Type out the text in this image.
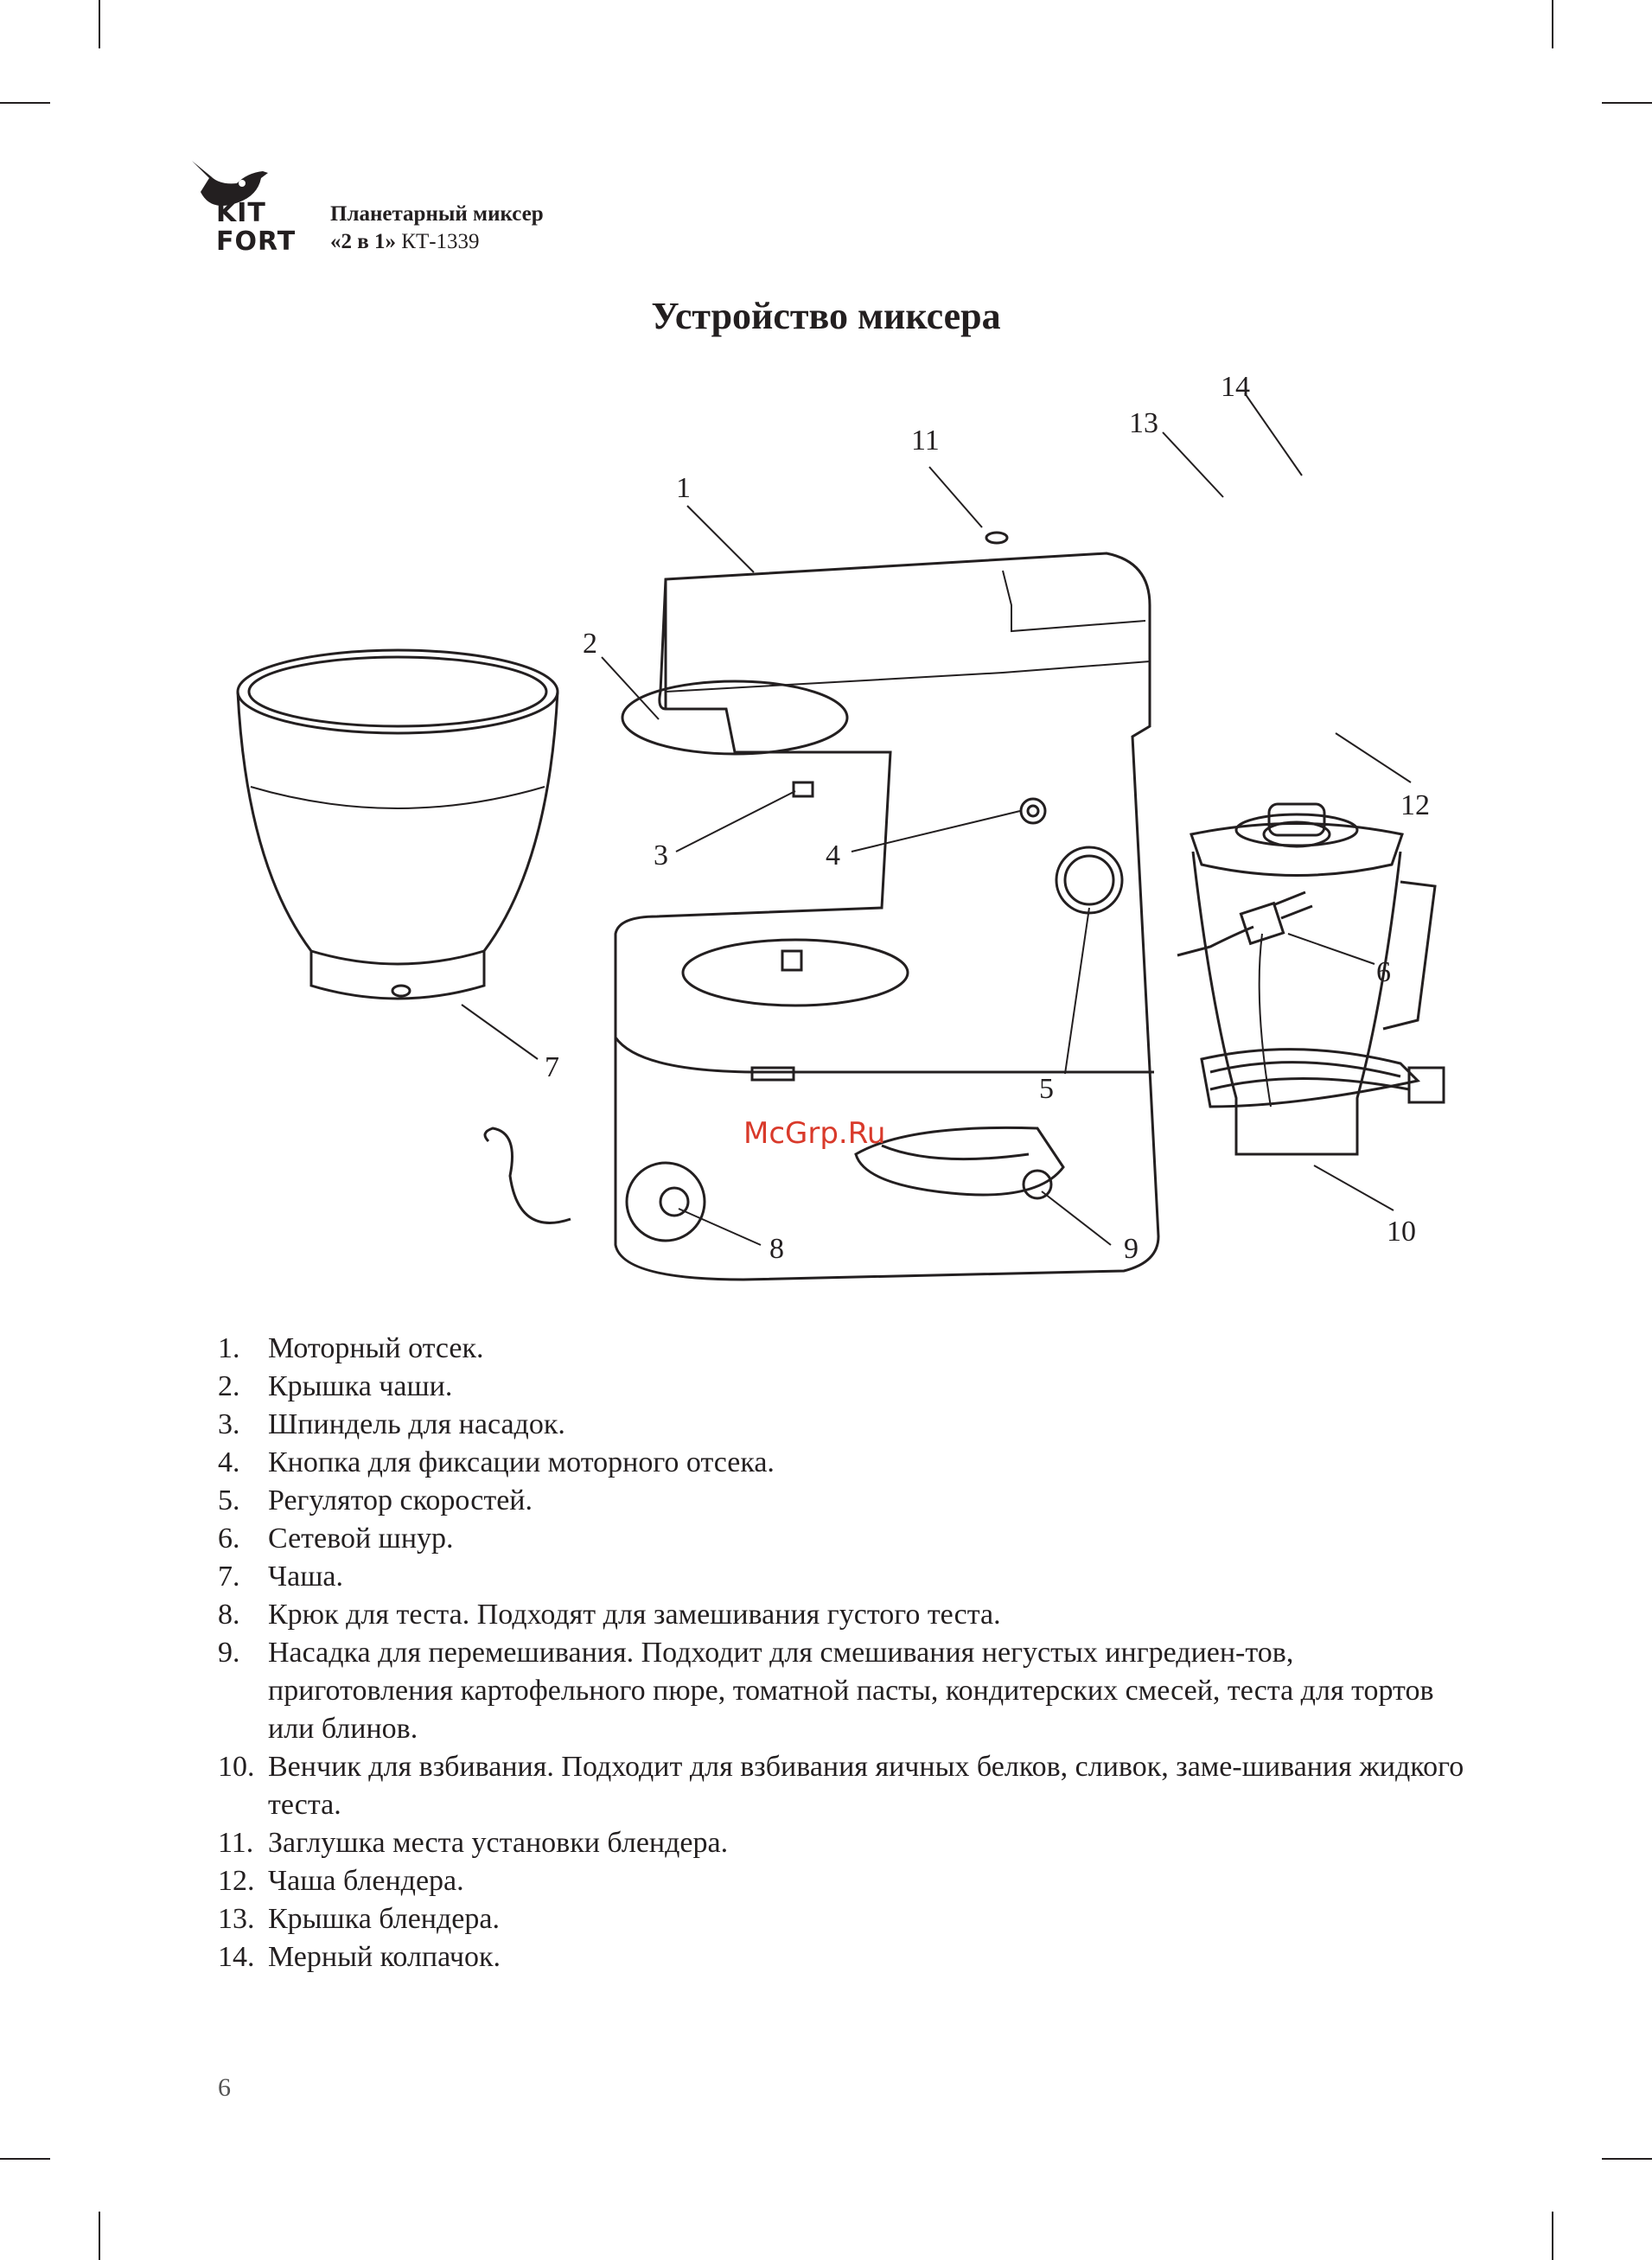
KIT
FORT
Планетарный миксер
«2 в 1» КТ-1339
Устройство миксера
1
2
3	4
5
6
7
8	9
10
11
12
13
14
McGrp.Ru
1. Моторный отсек.
2. Крышка чаши.
3. Шпиндель для насадок.
4. Кнопка для фиксации моторного отсека.
5. Регулятор скоростей.
6. Сетевой шнур.
7. Чаша.
8. Крюк для теста. Подходят для замешивания густого теста.
9. Насадка для перемешивания. Подходит для смешивания негустых ингредиен-тов, приготовления картофельного пюре, томатной пасты, кондитерских смесей, теста для тортов или блинов.
10. Венчик для взбивания. Подходит для взбивания яичных белков, сливок, заме-шивания жидкого теста.
11. Заглушка места установки блендера.
12. Чаша блендера.
13. Крышка блендера.
14. Мерный колпачок.
6
